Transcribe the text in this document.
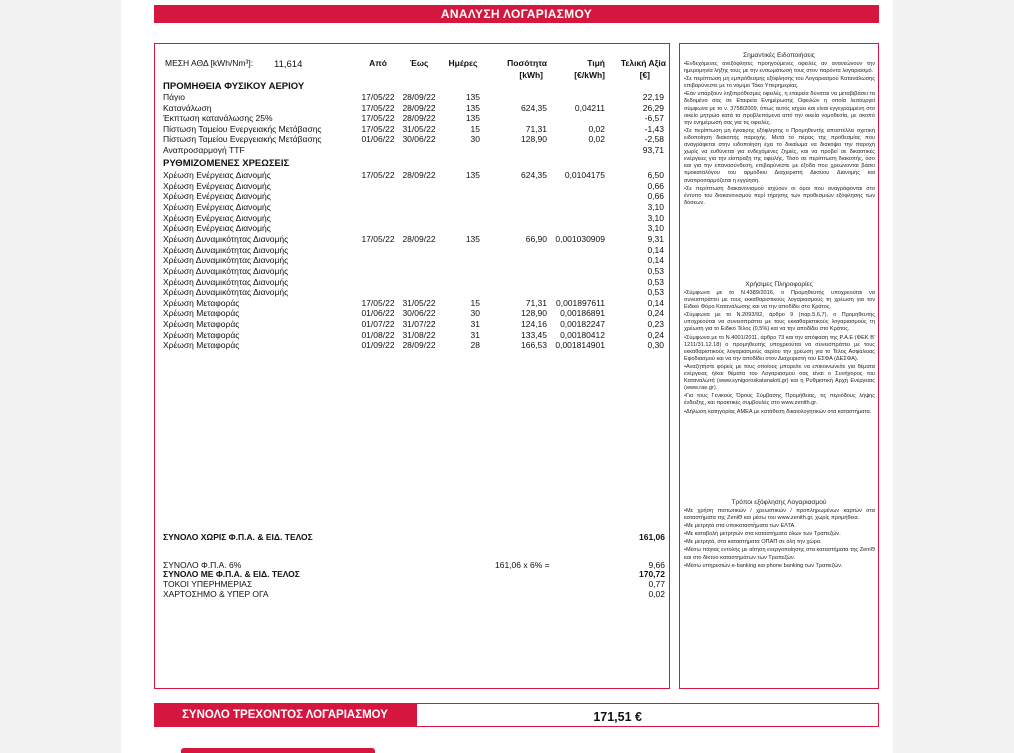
ΑΝΑΛΥΣΗ ΛΟΓΑΡΙΑΣΜΟΥ
ΜΕΣΗ ΑΘΔ [kWh/Nm³]: 11,614	Από	Έως	Ημέρες	Ποσότητα
[kWh]
Τιμή
[€/kWh]
Τελική Αξία
[€]
ΠΡΟΜΗΘΕΙΑ ΦΥΣΙΚΟΥ ΑΕΡΙΟΥ
Πάγιο	17/05/22 28/09/22	135	22,19
Κατανάλωση	17/05/22 28/09/22	135	624,35	0,04211	26,29
Έκπτωση κατανάλωσης 25%	17/05/22 28/09/22	135	-6,57
Πίστωση Ταμείου Ενεργειακής Μετάβασης	17/05/22 31/05/22	15	71,31	0,02	-1,43
Πίστωση Ταμείου Ενεργειακής Μετάβασης	01/06/22 30/06/22	30	128,90	0,02	-2,58
Αναπροσαρμογή TTF	93,71
ΡΥΘΜΙΖΟΜΕΝΕΣ ΧΡΕΩΣΕΙΣ
Χρέωση Ενέργειας Διανομής	17/05/22 28/09/22	135	624,35	0,0104175	6,50
Χρέωση Ενέργειας Διανομής	0,66
Χρέωση Ενέργειας Διανομής	0,66
Χρέωση Ενέργειας Διανομής	3,10
Χρέωση Ενέργειας Διανομής	3,10
Χρέωση Ενέργειας Διανομής	3,10
Χρέωση Δυναμικότητας Διανομής	17/05/22 28/09/22	135	66,90 0,001030909	9,31
Χρέωση Δυναμικότητας Διανομής	0,14
Χρέωση Δυναμικότητας Διανομής	0,14
Χρέωση Δυναμικότητας Διανομής	0,53
Χρέωση Δυναμικότητας Διανομής	0,53
Χρέωση Δυναμικότητας Διανομής	0,53
Χρέωση Μεταφοράς	17/05/22 31/05/22	15	71,31	0,001897611	0,14
Χρέωση Μεταφοράς	01/06/22 30/06/22	30	128,90	0,00186891	0,24
Χρέωση Μεταφοράς	01/07/22 31/07/22	31	124,16	0,00182247	0,23
Χρέωση Μεταφοράς	01/08/22 31/08/22	31	133,45	0,00180412	0,24
Χρέωση Μεταφοράς	01/09/22 28/09/22	28	166,53 0,001814901	0,30
ΣΥΝΟΛΟ ΧΩΡΙΣ Φ.Π.Α. & ΕΙΔ. ΤΕΛΟΣ	161,06
ΣΥΝΟΛΟ Φ.Π.Α. 6%	161,06 x 6% =	9,66
ΣΥΝΟΛΟ ΜΕ Φ.Π.Α. & ΕΙΔ. ΤΕΛΟΣ	170,72
ΤΟΚΟΙ ΥΠΕΡΗΜΕΡΙΑΣ	0,77
ΧΑΡΤΟΣΗΜΟ & ΥΠΕΡ ΟΓΑ	0,02
Σημαντικές Ειδοποιήσεις

•Ενδεχόμενες ανεξόφλητες προηγούμενες οφειλές αν ανανεώνουν την ημερομηνία λήξης τους με την ενσωμάτωσή τους στον παρόντα λογαριασμό.

•Σε περίπτωση μη εμπρόθεσμης εξόφλησης του Λογαριασμού Κατανάλωσης επιβαρύνεστε με το νόμιμο Τόκο Υπερημερίας.

•Εάν υπάρξουν ληξιπρόθεσμες οφειλές, η εταιρεία δύναται να μεταβιβάσει τα δεδομένα σας σε Εταιρεία Ενημέρωσης Οφειλών η οποία λειτουργεί σύμφωνα με το ν. 3758/2009, όπως αυτός ισχύει και είναι εγγεγραμμένη στο οικείο μητρώο κατά τα προβλεπόμενα από την οικεία νομοθεσία, με σκοπό την ενημέρωσή σας για τις οφειλές.

•Σε περίπτωση μη έγκαιρης εξόφλησης ο Προμηθευτής αποστέλλει σχετική ειδοποίηση διακοπής παροχής. Μετά το πέρας της προθεσμίας που αναγράφεται στην ειδοποίηση έχει το δικαίωμα να διακόψει την παροχή χωρίς να ευθύνεται για ενδεχόμενες ζημιές, και να προβεί σε δικαστικές ενέργειες για την είσπραξη της οφειλής. Τόσο σε περίπτωση διακοπής, όσο και για την επανασύνδεση, επιβαρύνεστε με έξοδα που χρεώνονται βάσει τιμοκαταλόγου του αρμόδιου Διαχειριστή Δικτύου Διανομής και αναπροσαρμόζεται η εγγύηση.

•Σε περίπτωση διακανονισμού ισχύουν οι όροι που αναγράφονται στο έντυπο του διακανονισμού περί τήρησης των προθεσμιών εξόφλησης των δόσεων.

Χρήσιμες Πληροφορίες

•Σύμφωνα με το Ν.4389/2016, ο Προμηθευτής υποχρεούται να συνεισπράττει με τους εκκαθαριστικούς λογαριασμούς τη χρέωση για τον Ειδικό Φόρο Κατανάλωσης και να την αποδίδει στο Κράτος.

•Σύμφωνα με το Ν.2093/92, άρθρο 9 (παρ.5,6,7), ο Προμηθευτής υποχρεούται να συνεισπράττει με τους εκκαθαριστικούς λογαριασμούς τη χρέωση για το Ειδικό Τέλος (0,5%) και να την αποδίδει στο Κράτος.

•Σύμφωνα με το Ν.4001/2011, άρθρο 73 και την απόφαση της Ρ.Α.Ε (ΦΕΚ Β' 1211/31.12.18) ο προμηθευτής υποχρεούται να συνεισπράττει με τους εκκαθαριστικούς λογαριασμούς αερίου την χρέωση για το Τέλος Ασφάλειας Εφοδιασμού και να την αποδίδει στον Διαχειριστή του ΕΣΦΑ (ΔΕΣΦΑ).

•Αναζητήστε φορείς με τους οποίους μπορείτε να επικοινωνείτε για θέματα ενέργειας ή/και θέματα του Λογαριασμού σας είναι ο Συνήγορος του Καταναλωτή (www.synigoroskatanaloti.gr) και η Ρυθμιστική Αρχή Ενέργειας (www.rae.gr).

•Για τους Γενικούς Όρους Σύμβασης Προμήθειας, τις περιόδους λήψης ένδειξης, και πρακτικές συμβουλές στο www.zenith.gr.

•Δήλωση κατηγορίας ΑΜΕΑ με κατάθεση δικαιολογητικών στα καταστήματα.

Τρόποι εξόφλησης Λογαριασμού

•Με χρήση πιστωτικών / χρεωστικών / προπληρωμένων καρτών στα καταστήματα της ΖeniΘ και μέσω του www.zenith.gr, χωρίς προμήθεια.

•Με μετρητά στα υποκαταστήματα των ΕΛΤΑ.

•Με καταβολή μετρητών στα καταστήματα όλων των Τραπεζών.

•Με μετρητά, στα καταστήματα ΟΠΑΠ σε όλη την χώρα.

•Μέσω πάγιας εντολής με αίτηση ενεργοποίησης στα καταστήματα της ΖeniΘ και στο δίκτυο καταστημάτων των Τραπεζών.

•Μέσω υπηρεσιών e-banking και phone banking των Τραπεζών.

ΣΥΝΟΛΟ ΤΡΕΧΟΝΤΟΣ ΛΟΓΑΡΙΑΣΜΟΥ	171,51 €
